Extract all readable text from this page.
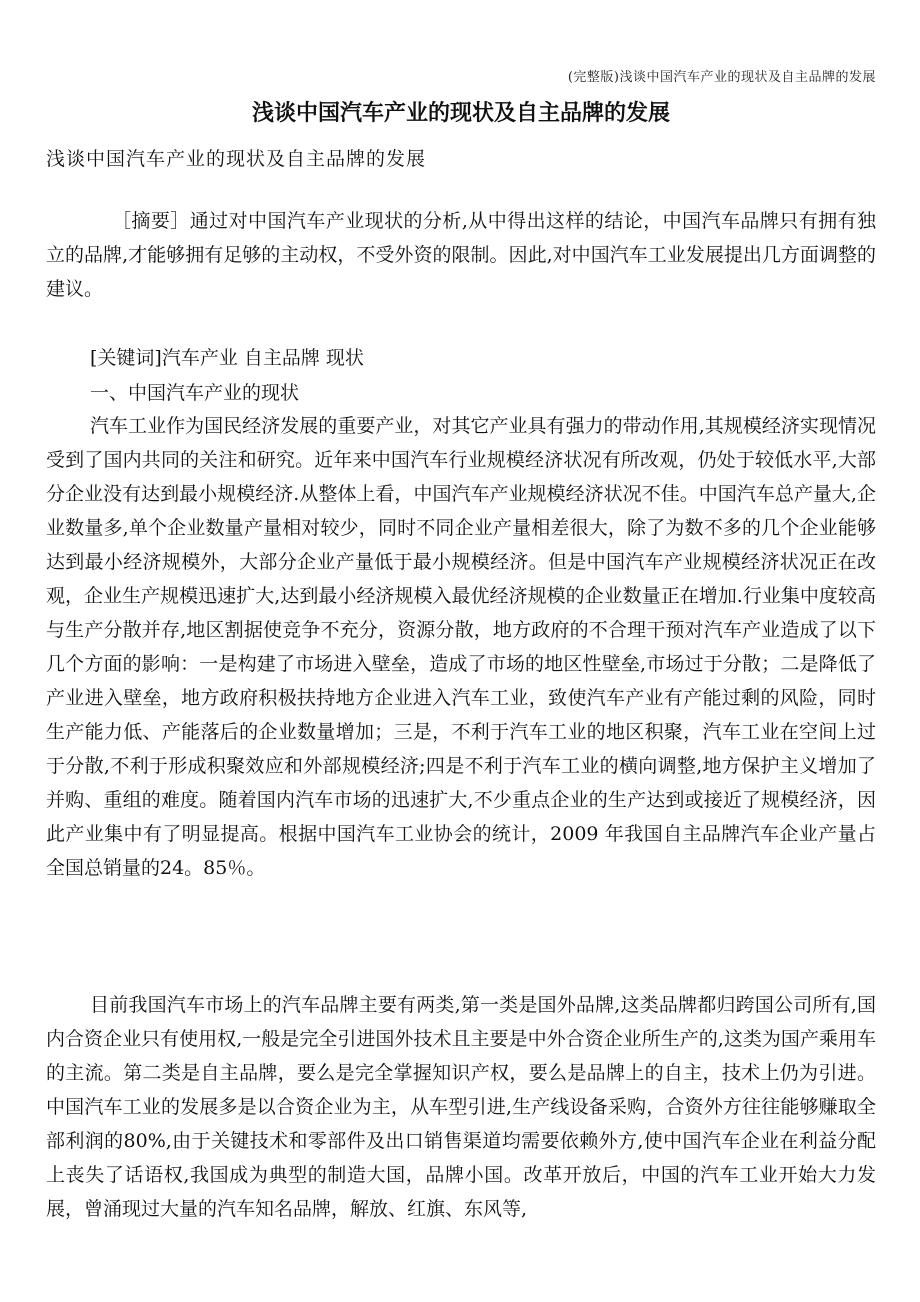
(完整版)浅谈中国汽车产业的现状及自主品牌的发展
浅谈中国汽车产业的现状及自主品牌的发展

浅谈中国汽车产业的现状及自主品牌的发展

［摘要］通过对中国汽车产业现状的分析,从中得出这样的结论，中国汽车品牌只有拥有独立的品牌,才能够拥有足够的主动权，不受外资的限制。因此,对中国汽车工业发展提出几方面调整的建议。

[关键词]汽车产业 自主品牌 现状

一、中国汽车产业的现状

汽车工业作为国民经济发展的重要产业，对其它产业具有强力的带动作用,其规模经济实现情况受到了国内共同的关注和研究。近年来中国汽车行业规模经济状况有所改观，仍处于较低水平,大部分企业没有达到最小规模经济.从整体上看，中国汽车产业规模经济状况不佳。中国汽车总产量大,企业数量多,单个企业数量产量相对较少，同时不同企业产量相差很大，除了为数不多的几个企业能够达到最小经济规模外，大部分企业产量低于最小规模经济。但是中国汽车产业规模经济状况正在改观，企业生产规模迅速扩大,达到最小经济规模入最优经济规模的企业数量正在增加.行业集中度较高与生产分散并存,地区割据使竞争不充分，资源分散，地方政府的不合理干预对汽车产业造成了以下几个方面的影响：一是构建了市场进入壁垒，造成了市场的地区性壁垒,市场过于分散；二是降低了产业进入壁垒，地方政府积极扶持地方企业进入汽车工业，致使汽车产业有产能过剩的风险，同时生产能力低、产能落后的企业数量增加；三是，不利于汽车工业的地区积聚，汽车工业在空间上过于分散,不利于形成积聚效应和外部规模经济;四是不利于汽车工业的横向调整,地方保护主义增加了并购、重组的难度。随着国内汽车市场的迅速扩大,不少重点企业的生产达到或接近了规模经济，因此产业集中有了明显提高。根据中国汽车工业协会的统计，2009 年我国自主品牌汽车企业产量占全国总销量的24。85％。

目前我国汽车市场上的汽车品牌主要有两类,第一类是国外品牌,这类品牌都归跨国公司所有,国内合资企业只有使用权,一般是完全引进国外技术且主要是中外合资企业所生产的,这类为国产乘用车的主流。第二类是自主品牌，要么是完全掌握知识产权，要么是品牌上的自主，技术上仍为引进。中国汽车工业的发展多是以合资企业为主，从车型引进,生产线设备采购，合资外方往往能够赚取全部利润的80%,由于关键技术和零部件及出口销售渠道均需要依赖外方,使中国汽车企业在利益分配上丧失了话语权,我国成为典型的制造大国，品牌小国。改革开放后，中国的汽车工业开始大力发展，曾涌现过大量的汽车知名品牌，解放、红旗、东风等,
